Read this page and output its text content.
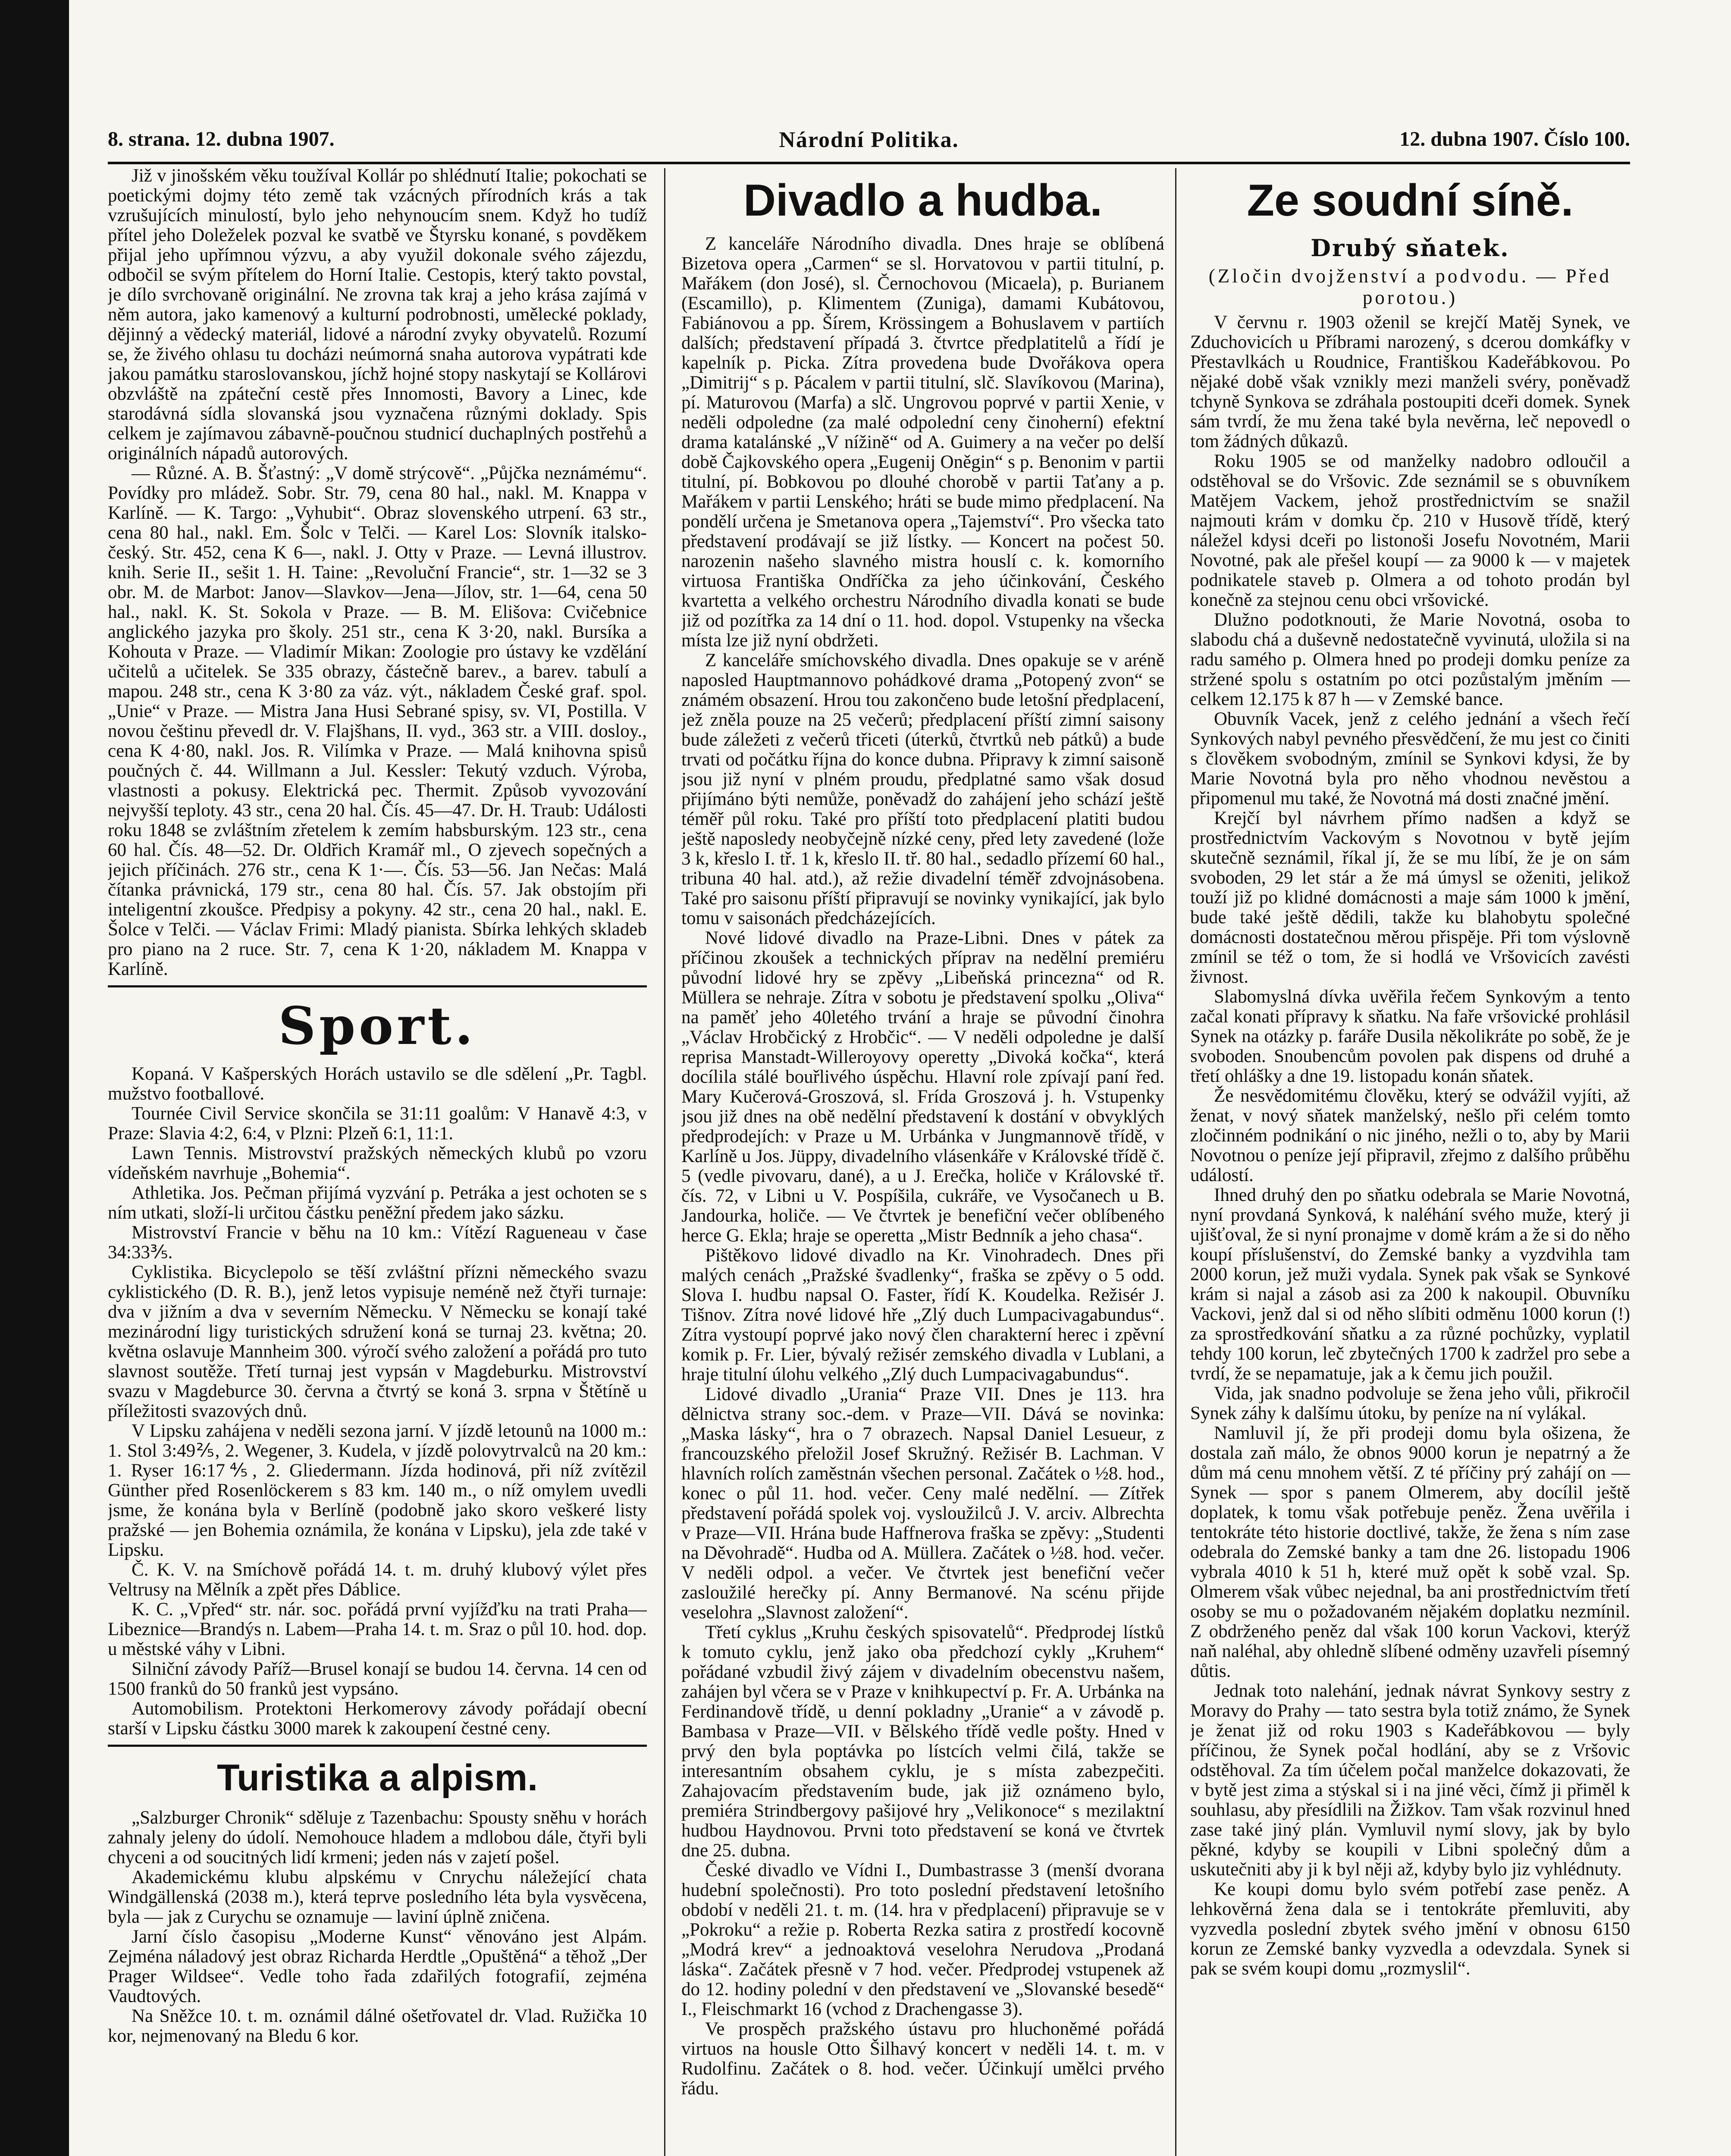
8. strana. 12. dubna 1907.	Národní Politika.	12. dubna 1907. Číslo 100.

Již v jinošském věku toužíval Kollár po shlédnutí Italie; pokochati se poetickými dojmy této země tak vzácných přírodních krás a tak vzrušujících minulostí, bylo jeho nehynoucím snem. Když ho tudíž přítel jeho Doleželek pozval ke svatbě ve Štyrsku konané, s povděkem přijal jeho upřímnou výzvu, a aby využil dokonale svého zájezdu, odbočil se svým přítelem do Horní Italie. Cestopis, který takto povstal, je dílo svrchovaně originální. Ne zrovna tak kraj a jeho krása zajímá v něm autora, jako kamenový a kulturní podrobnosti, umělecké poklady, dějinný a vědecký materiál, lidové a národní zvyky obyvatelů. Rozumí se, že živého ohlasu tu docházi neúmorná snaha autorova vypátrati kde jakou památku staroslovanskou, jíchž hojné stopy naskytají se Kollárovi obzvláště na zpáteční cestě přes Innomosti, Bavory a Linec, kde starodávná sídla slovanská jsou vyznačena různými doklady. Spis celkem je zajímavou zábavně-poučnou studnicí duchaplných postřehů a originálních nápadů autorových.

— Různé. A. B. Šťastný: „V domě strýcově“. „Půjčka neznámému“. Povídky pro mládež. Sobr. Str. 79, cena 80 hal., nakl. M. Knappa v Karlíně. — K. Targo: „Vyhubit“. Obraz slovenského utrpení. 63 str., cena 80 hal., nakl. Em. Šolc v Telči. — Karel Los: Slovník italsko-český. Str. 452, cena K 6—, nakl. J. Otty v Praze. — Levná illustrov. knih. Serie II., sešit 1. H. Taine: „Revoluční Francie“, str. 1—32 se 3 obr. M. de Marbot: Janov—Slavkov—Jena—Jílov, str. 1—64, cena 50 hal., nakl. K. St. Sokola v Praze. — B. M. Elišova: Cvičebnice anglického jazyka pro školy. 251 str., cena K 3·20, nakl. Bursíka a Kohouta v Praze. — Vladimír Mikan: Zoologie pro ústavy ke vzdělání učitelů a učitelek. Se 335 obrazy, částečně barev., a barev. tabulí a mapou. 248 str., cena K 3·80 za váz. výt., nákladem České graf. spol. „Unie“ v Praze. — Mistra Jana Husi Sebrané spisy, sv. VI, Postilla. V novou češtinu převedl dr. V. Flajšhans, II. vyd., 363 str. a VIII. dosloy., cena K 4·80, nakl. Jos. R. Vilímka v Praze. — Malá knihovna spisů poučných č. 44. Willmann a Jul. Kessler: Tekutý vzduch. Výroba, vlastnosti a pokusy. Elektrická pec. Thermit. Způsob vyvozování nejvyšší teploty. 43 str., cena 20 hal. Čís. 45—47. Dr. H. Traub: Události roku 1848 se zvláštním zřetelem k zemím habsburským. 123 str., cena 60 hal. Čís. 48—52. Dr. Oldřich Kramář ml., O zjevech sopečných a jejich příčinách. 276 str., cena K 1·—. Čís. 53—56. Jan Nečas: Malá čítanka právnická, 179 str., cena 80 hal. Čís. 57. Jak obstojím při inteligentní zkoušce. Předpisy a pokyny. 42 str., cena 20 hal., nakl. E. Šolce v Telči. — Václav Frimi: Mladý pianista. Sbírka lehkých skladeb pro piano na 2 ruce. Str. 7, cena K 1·20, nákladem M. Knappa v Karlíně.

Sport.

Kopaná. V Kašperských Horách ustavilo se dle sdělení „Pr. Tagbl. mužstvo footballové.

Tournée Civil Service skončila se 31:11 goalům: V Hanavě 4:3, v Praze: Slavia 4:2, 6:4, v Plzni: Plzeň 6:1, 11:1.

Lawn Tennis. Mistrovství pražských německých klubů po vzoru vídeňském navrhuje „Bohemia“.

Athletika. Jos. Pečman přijímá vyzvání p. Petráka a jest ochoten se s ním utkati, složí-li určitou částku peněžní předem jako sázku.

Mistrovství Francie v běhu na 10 km.: Vítězí Ragueneau v čase 34:33⅗.

Cyklistika. Bicyclepolo se těší zvláštní přízni německého svazu cyklistického (D. R. B.), jenž letos vypisuje neméně než čtyři turnaje: dva v jižním a dva v severním Německu. V Německu se konají také mezinárodní ligy turistických sdružení koná se turnaj 23. května; 20. května oslavuje Mannheim 300. výročí svého založení a pořádá pro tuto slavnost soutěže. Třetí turnaj jest vypsán v Magdeburku. Mistrovství svazu v Magdeburce 30. června a čtvrtý se koná 3. srpna v Štětíně u příležitosti svazových dnů.

V Lipsku zahájena v neděli sezona jarní. V jízdě letounů na 1000 m.: 1. Stol 3:49⅖, 2. Wegener, 3. Kudela, v jízdě polovytrvalců na 20 km.: 1. Ryser 16:17⅘, 2. Gliedermann. Jízda hodinová, při níž zvítězil Günther před Rosenlöckerem s 83 km. 140 m., o níž omylem uvedli jsme, že konána byla v Berlíně (podobně jako skoro veškeré listy pražské — jen Bohemia oznámila, že konána v Lipsku), jela zde také v Lipsku.

Č. K. V. na Smíchově pořádá 14. t. m. druhý klubový výlet přes Veltrusy na Mělník a zpět přes Dáblice.

K. C. „Vpřed“ str. nár. soc. pořádá první vyjížďku na trati Praha—Libeznice—Brandýs n. Labem—Praha 14. t. m. Sraz o půl 10. hod. dop. u městské váhy v Libni.

Silniční závody Paříž—Brusel konají se budou 14. června. 14 cen od 1500 franků do 50 franků jest vypsáno.

Automobilism. Protektoni Herkomerovy závody pořádají obecní starší v Lipsku částku 3000 marek k zakoupení čestné ceny.

Turistika a alpism.

„Salzburger Chronik“ sděluje z Tazenbachu: Spousty sněhu v horách zahnaly jeleny do údolí. Nemohouce hladem a mdlobou dále, čtyři byli chyceni a od soucitných lidí krmeni; jeden nás v zajetí pošel.

Akademickému klubu alpskému v Cnrychu náležející chata Windgällenská (2038 m.), která teprve posledního léta byla vysvěcena, byla — jak z Curychu se oznamuje — laviní úplně zničena.

Jarní číslo časopisu „Moderne Kunst“ věnováno jest Alpám. Zejména náladový jest obraz Richarda Herdtle „Opuštěná“ a těhož „Der Prager Wildsee“. Vedle toho řada zdařilých fotografií, zejména Vaudtových.

Na Sněžce 10. t. m. oznámil dálné ošetřovatel dr. Vlad. Ružička 10 kor, nejmenovaný na Bledu 6 kor.

Divadlo a hudba.

Z kanceláře Národního divadla. Dnes hraje se oblíbená Bizetova opera „Carmen“ se sl. Horvatovou v partii titulní, p. Mařákem (don José), sl. Černochovou (Micaela), p. Burianem (Escamillo), p. Klimentem (Zuniga), damami Kubátovou, Fabiánovou a pp. Šírem, Krössingem a Bohuslavem v partiích dalších; představení případá 3. čtvrtce předplatitelů a řídí je kapelník p. Picka. Zítra provedena bude Dvořákova opera „Dimitrij“ s p. Pácalem v partii titulní, slč. Slavíkovou (Marina), pí. Maturovou (Marfa) a slč. Ungrovou poprvé v partii Xenie, v neděli odpoledne (za malé odpolední ceny činoherní) efektní drama katalánské „V nížině“ od A. Guimery a na večer po delší době Čajkovského opera „Eugenij Oněgin“ s p. Benonim v partii titulní, pí. Bobkovou po dlouhé chorobě v partii Taťany a p. Mařákem v partii Lenského; hráti se bude mimo předplacení. Na pondělí určena je Smetanova opera „Tajemství“. Pro všecka tato představení prodávají se již lístky. — Koncert na počest 50. narozenin našeho slavného mistra houslí c. k. komorního virtuosa Františka Ondříčka za jeho účinkování, Českého kvartetta a velkého orchestru Národního divadla konati se bude již od pozítřka za 14 dní o 11. hod. dopol. Vstupenky na všecka místa lze již nyní obdržeti.

Z kanceláře smíchovského divadla. Dnes opakuje se v aréně naposled Hauptmannovo pohádkové drama „Potopený zvon“ se známém obsazení. Hrou tou zakončeno bude letošní předplacení, jež zněla pouze na 25 večerů; předplacení příští zimní saisony bude záležeti z večerů třiceti (úterků, čtvrtků neb pátků) a bude trvati od počátku října do konce dubna. Připravy k zimní saisoně jsou již nyní v plném proudu, předplatné samo však dosud přijímáno býti nemůže, poněvadž do zahájení jeho schází ještě téměř půl roku. Také pro příští toto předplacení platiti budou ještě naposledy neobyčejně nízké ceny, před lety zavedené (lože 3 k, křeslo I. tř. 1 k, křeslo II. tř. 80 hal., sedadlo přízemí 60 hal., tribuna 40 hal. atd.), až režie divadelní téměř zdvojnásobena. Také pro saisonu příští připravují se novinky vynikající, jak bylo tomu v saisonách předcházejících.

Nové lidové divadlo na Praze-Libni. Dnes v pátek za příčinou zkoušek a technických příprav na nedělní premiéru původní lidové hry se zpěvy „Libeňská princezna“ od R. Müllera se nehraje. Zítra v sobotu je představení spolku „Oliva“ na paměť jeho 40letého trvání a hraje se původní činohra „Václav Hrobčický z Hrobčic“. — V neděli odpoledne je další reprisa Manstadt-Willeroyovy operetty „Divoká kočka“, která docílila stálé bouřlivého úspěchu. Hlavní role zpívají paní řed. Mary Kučerová-Groszová, sl. Frída Groszová j. h. Vstupenky jsou již dnes na obě nedělní představení k dostání v obvyklých předprodejích: v Praze u M. Urbánka v Jungmannově třídě, v Karlíně u Jos. Jüppy, divadelního vlásenkáře v Královské třídě č. 5 (vedle pivovaru, dané), a u J. Erečka, holiče v Královské tř. čís. 72, v Libni u V. Pospíšila, cukráře, ve Vysočanech u B. Jandourka, holiče. — Ve čtvrtek je benefiční večer oblíbeného herce G. Ekla; hraje se operetta „Mistr Bednník a jeho chasa“.

Pištěkovo lidové divadlo na Kr. Vinohradech. Dnes při malých cenách „Pražské švadlenky“, fraška se zpěvy o 5 odd. Slova I. hudbu napsal O. Faster, řídí K. Koudelka. Režisér J. Tišnov. Zítra nové lidové hře „Zlý duch Lumpacivagabundus“. Zítra vystoupí poprvé jako nový člen charakterní herec i zpěvní komik p. Fr. Lier, bývalý režisér zemského divadla v Lublani, a hraje titulní úlohu velkého „Zlý duch Lumpacivagabundus“.

Lidové divadlo „Urania“ Praze VII. Dnes je 113. hra dělnictva strany soc.-dem. v Praze—VII. Dává se novinka: „Maska lásky“, hra o 7 obrazech. Napsal Daniel Lesueur, z francouzského přeložil Josef Skružný. Režisér B. Lachman. V hlavních rolích zaměstnán všechen personal. Začátek o ½8. hod., konec o půl 11. hod. večer. Ceny malé nedělní. — Zítřek představení pořádá spolek voj. vysloužilců J. V. arciv. Albrechta v Praze—VII. Hrána bude Haffnerova fraška se zpěvy: „Studenti na Děvohradě“. Hudba od A. Müllera. Začátek o ½8. hod. večer. V neděli odpol. a večer. Ve čtvrtek jest benefiční večer zasloužilé herečky pí. Anny Bermanové. Na scénu přijde veselohra „Slavnost založení“.

Třetí cyklus „Kruhu českých spisovatelů“. Předprodej lístků k tomuto cyklu, jenž jako oba předchozí cykly „Kruhem“ pořádané vzbudil živý zájem v divadelním obecenstvu našem, zahájen byl včera se v Praze v knihkupectví p. Fr. A. Urbánka na Ferdinandově třídě, u denní pokladny „Uranie“ a v závodě p. Bambasa v Praze—VII. v Bělského třídě vedle pošty. Hned v prvý den byla poptávka po lístcích velmi čilá, takže se interesantním obsahem cyklu, je s místa zabezpečiti. Zahajovacím představením bude, jak již oznámeno bylo, premiéra Strindbergovy pašijové hry „Velikonoce“ s mezilaktní hudbou Haydnovou. Prvni toto představení se koná ve čtvrtek dne 25. dubna.

České divadlo ve Vídni I., Dumbastrasse 3 (menší dvorana hudební společnosti). Pro toto poslední představení letošního období v neděli 21. t. m. (14. hra v předplacení) připravuje se v „Pokroku“ a režie p. Roberta Rezka satira z prostředí kocovně „Modrá krev“ a jednoaktová veselohra Nerudova „Prodaná láska“. Začátek přesně v 7 hod. večer. Předprodej vstupenek až do 12. hodiny polední v den představení ve „Slovanské besedě“ I., Fleischmarkt 16 (vchod z Drachengasse 3).

Ve prospěch pražského ústavu pro hluchoněmé pořádá virtuos na housle Otto Šilhavý koncert v neděli 14. t. m. v Rudolfinu. Začátek o 8. hod. večer. Účinkují umělci prvého řádu.

Ze soudní síně.
Drubý sňatek.
(Zločin dvojženství a podvodu. — Před porotou.)

V červnu r. 1903 oženil se krejčí Matěj Synek, ve Zduchovicích u Příbrami narozený, s dcerou domkáfky v Přestavlkách u Roudnice, Františkou Kadeřábkovou. Po nějaké době však vznikly mezi manželi svéry, poněvadž tchyně Synkova se zdráhala postoupiti dceři domek. Synek sám tvrdí, že mu žena také byla nevěrna, leč nepovedl o tom žádných důkazů.

Roku 1905 se od manželky nadobro odloučil a odstěhoval se do Vršovic. Zde seznámil se s obuvníkem Matějem Vackem, jehož prostřednictvím se snažil najmouti krám v domku čp. 210 v Husově třídě, který náležel kdysi dceři po listonoši Josefu Novotném, Marii Novotné, pak ale přešel koupí — za 9000 k — v majetek podnikatele staveb p. Olmera a od tohoto prodán byl konečně za stejnou cenu obci vršovické.

Dlužno podotknouti, že Marie Novotná, osoba to slabodu chá a duševně nedostatečně vyvinutá, uložila si na radu samého p. Olmera hned po prodeji domku peníze za stržené spolu s ostatním po otci pozůstalým jměním — celkem 12.175 k 87 h — v Zemské bance.

Obuvník Vacek, jenž z celého jednání a všech řečí Synkových nabyl pevného přesvědčení, že mu jest co činiti s člověkem svobodným, zmínil se Synkovi kdysi, že by Marie Novotná byla pro něho vhodnou nevěstou a připomenul mu také, že Novotná má dosti značné jmění.

Krejčí byl návrhem přímo nadšen a když se prostřednictvím Vackovým s Novotnou v bytě jejím skutečně seznámil, říkal jí, že se mu líbí, že je on sám svoboden, 29 let stár a že má úmysl se oženiti, jelikož touží již po klidné domácnosti a maje sám 1000 k jmění, bude také ještě dědili, takže ku blahobytu společné domácnosti dostatečnou měrou přispěje. Při tom výslovně zmínil se též o tom, že si hodlá ve Vršovicích zavésti živnost.

Slabomyslná dívka uvěřila řečem Synkovým a tento začal konati přípravy k sňatku. Na faře vršovické prohlásil Synek na otázky p. faráře Dusila několikráte po sobě, že je svoboden. Snoubencům povolen pak dispens od druhé a třetí ohlášky a dne 19. listopadu konán sňatek.

Že nesvědomitému člověku, který se odvážil vyjíti, až ženat, v nový sňatek manželský, nešlo při celém tomto zločinném podnikání o nic jiného, nežli o to, aby by Marii Novotnou o peníze její připravil, zřejmo z dalšího průběhu událostí.

Ihned druhý den po sňatku odebrala se Marie Novotná, nyní provdaná Synková, k naléhání svého muže, který ji ujišťoval, že si nyní pronajme v domě krám a že si do něho koupí příslušenství, do Zemské banky a vyzdvihla tam 2000 korun, jež muži vydala. Synek pak však se Synkové krám si najal a zásob asi za 200 k nakoupil. Obuvníku Vackovi, jenž dal si od něho slíbiti odměnu 1000 korun (!) za sprostředkování sňatku a za různé pochůzky, vyplatil tehdy 100 korun, leč zbytečných 1700 k zadržel pro sebe a tvrdí, že se nepamatuje, jak a k čemu jich použil.

Vida, jak snadno podvoluje se žena jeho vůli, přikročil Synek záhy k dalšímu útoku, by peníze na ní vylákal.

Namluvil jí, že při prodeji domu byla ošizena, že dostala zaň málo, že obnos 9000 korun je nepatrný a že dům má cenu mnohem větší. Z té příčiny prý zahájí on — Synek — spor s panem Olmerem, aby docílil ještě doplatek, k tomu však potřebuje peněz. Žena uvěřila i tentokráte této historie doctlivé, takže, že žena s ním zase odebrala do Zemské banky a tam dne 26. listopadu 1906 vybrala 4010 k 51 h, které muž opět k sobě vzal. Sp. Olmerem však vůbec nejednal, ba ani prostřednictvím třetí osoby se mu o požadovaném nějakém doplatku nezmínil. Z obdrženého peněz dal však 100 korun Vackovi, kterýž naň naléhal, aby ohledně slíbené odměny uzavřeli písemný důtis.

Jednak toto nalehání, jednak návrat Synkovy sestry z Moravy do Prahy — tato sestra byla totiž známo, že Synek je ženat již od roku 1903 s Kadeřábkovou — byly příčinou, že Synek počal hodlání, aby se z Vršovic odstěhoval. Za tím účelem počal manželce dokazovati, že v bytě jest zima a stýskal si i na jiné věci, čímž ji přiměl k souhlasu, aby přesídlili na Žižkov. Tam však rozvinul hned zase také jiný plán. Vymluvil nymí slovy, jak by bylo pěkné, kdyby se koupili v Libni společný dům a uskutečniti aby ji k byl něji až, kdyby bylo jiz vyhlédnuty.

Ke koupi domu bylo svém potřebí zase peněz. A lehkověrná žena dala se i tentokráte přemluviti, aby vyzvedla poslední zbytek svého jmění v obnosu 6150 korun ze Zemské banky vyzvedla a odevzdala. Synek si pak se svém koupi domu „rozmyslil“.
